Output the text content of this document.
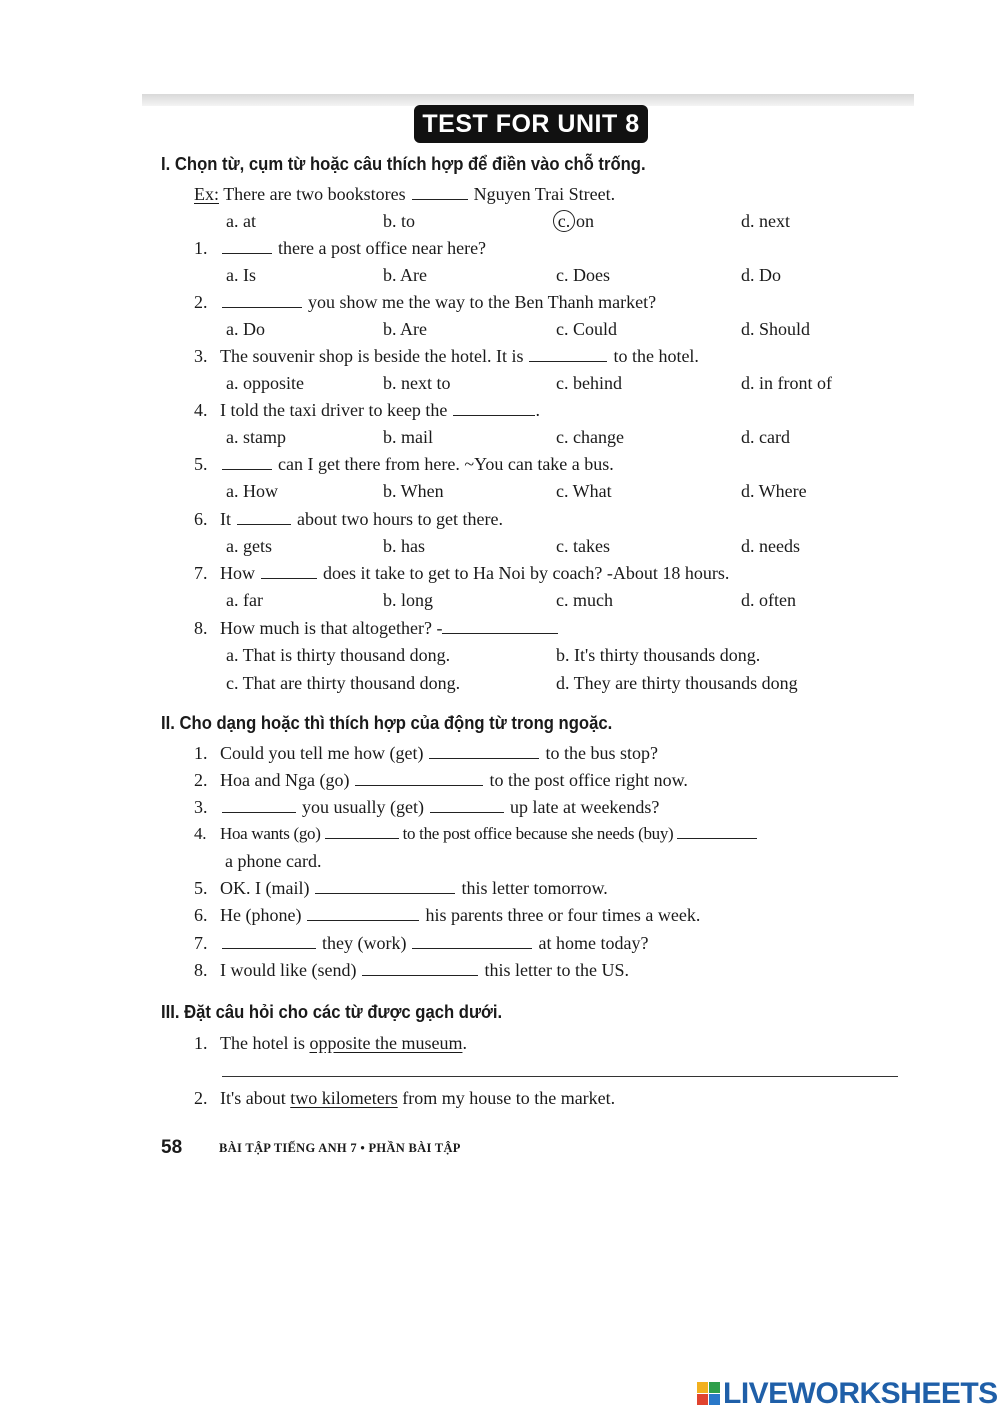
TEST FOR UNIT 8
I. Chọn từ, cụm từ hoặc câu thích hợp để điền vào chỗ trống.
Ex: There are two bookstores	Nguyen Trai Street.
a. at	b. to	c. on	d. next
1.	there a post office near here?
a. Is	b. Are	c. Does	d. Do
2.	you show me the way to the Ben Thanh market?
a. Do	b. Are	c. Could	d. Should
3. The souvenir shop is beside the hotel. It is	to the hotel.
a. opposite	b. next to	c. behind	d. in front of
4. I told the taxi driver to keep the	.
a. stamp	b. mail	c. change	d. card
5.	can I get there from here. ~You can take a bus.
a. How	b. When	c. What	d. Where
6. It	about two hours to get there.
a. gets	b. has	c. takes	d. needs
7. How	does it take to get to Ha Noi by coach? -About 18 hours.
a. far	b. long	c. much	d. often
8. How much is that altogether? -
a. That is thirty thousand dong.	b. It's thirty thousands dong.
c. That are thirty thousand dong.	d. They are thirty thousands dong
II. Cho dạng hoặc thì thích hợp của động từ trong ngoặc.
1. Could you tell me how (get)	to the bus stop?
2. Hoa and Nga (go)	to the post office right now.
3.	you usually (get)	up late at weekends?
4. Hoa wants (go)	to the post office because she needs (buy)
a phone card.
5. OK. I (mail)	this letter tomorrow.
6. He (phone)	his parents three or four times a week.
7.	they (work)	at home today?
8. I would like (send)	this letter to the US.
III. Đặt câu hỏi cho các từ được gạch dưới.
1. The hotel is opposite the museum.
2. It's about two kilometers from my house to the market.
58	BÀI TẬP TIẾNG ANH 7 • PHẦN BÀI TẬP
LIVEWORKSHEETS
